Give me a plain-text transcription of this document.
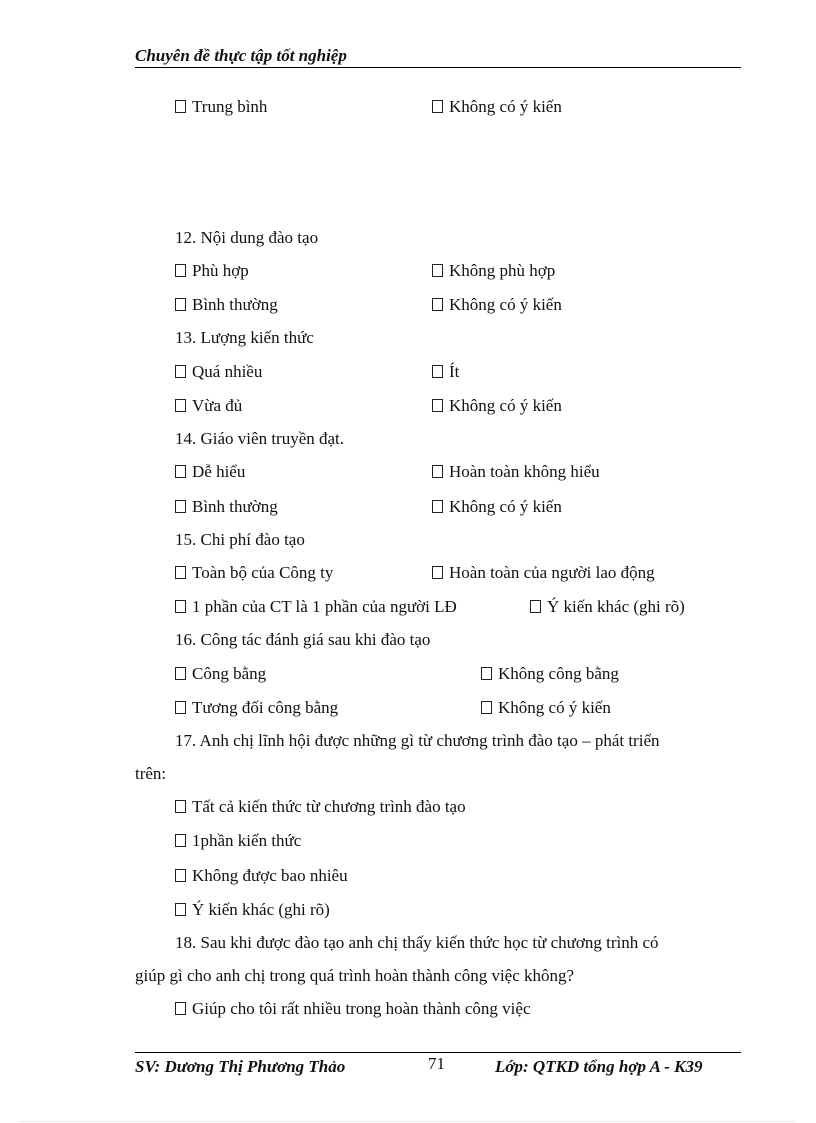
Chuyên đề thực tập tốt nghiệp
Trung bình	Không có ý kiến
12. Nội dung đào tạo
Phù hợp	Không phù hợp
Bình thường	Không có ý kiến
13. Lượng kiến thức
Quá nhiều	Ít
Vừa đủ	Không có ý kiến
14. Giáo viên truyền đạt.
Dễ hiểu	Hoàn toàn không hiểu
Bình thường	Không có ý kiến
15. Chi phí đào tạo
Toàn bộ của Công ty	Hoàn toàn của người lao động
1 phần của CT là 1 phần của người LĐ	Ý kiến khác (ghi rõ)
16. Công tác đánh giá sau khi đào tạo
Công bằng	Không công bằng
Tương đối công bằng	Không có ý kiến
17. Anh chị lĩnh hội được những gì từ chương trình đào tạo – phát triển
trên:
Tất cả kiến thức từ chương trình đào tạo
1phần kiến thức
Không được bao nhiêu
Ý kiến khác (ghi rõ)
18. Sau khi được đào tạo anh chị thấy kiến thức học từ chương trình có
giúp gì cho anh chị trong quá trình hoàn thành công việc không?
Giúp cho tôi rất nhiều trong hoàn thành công việc
SV: Dương Thị Phương Thảo	71	Lớp: QTKD tổng hợp A - K39
